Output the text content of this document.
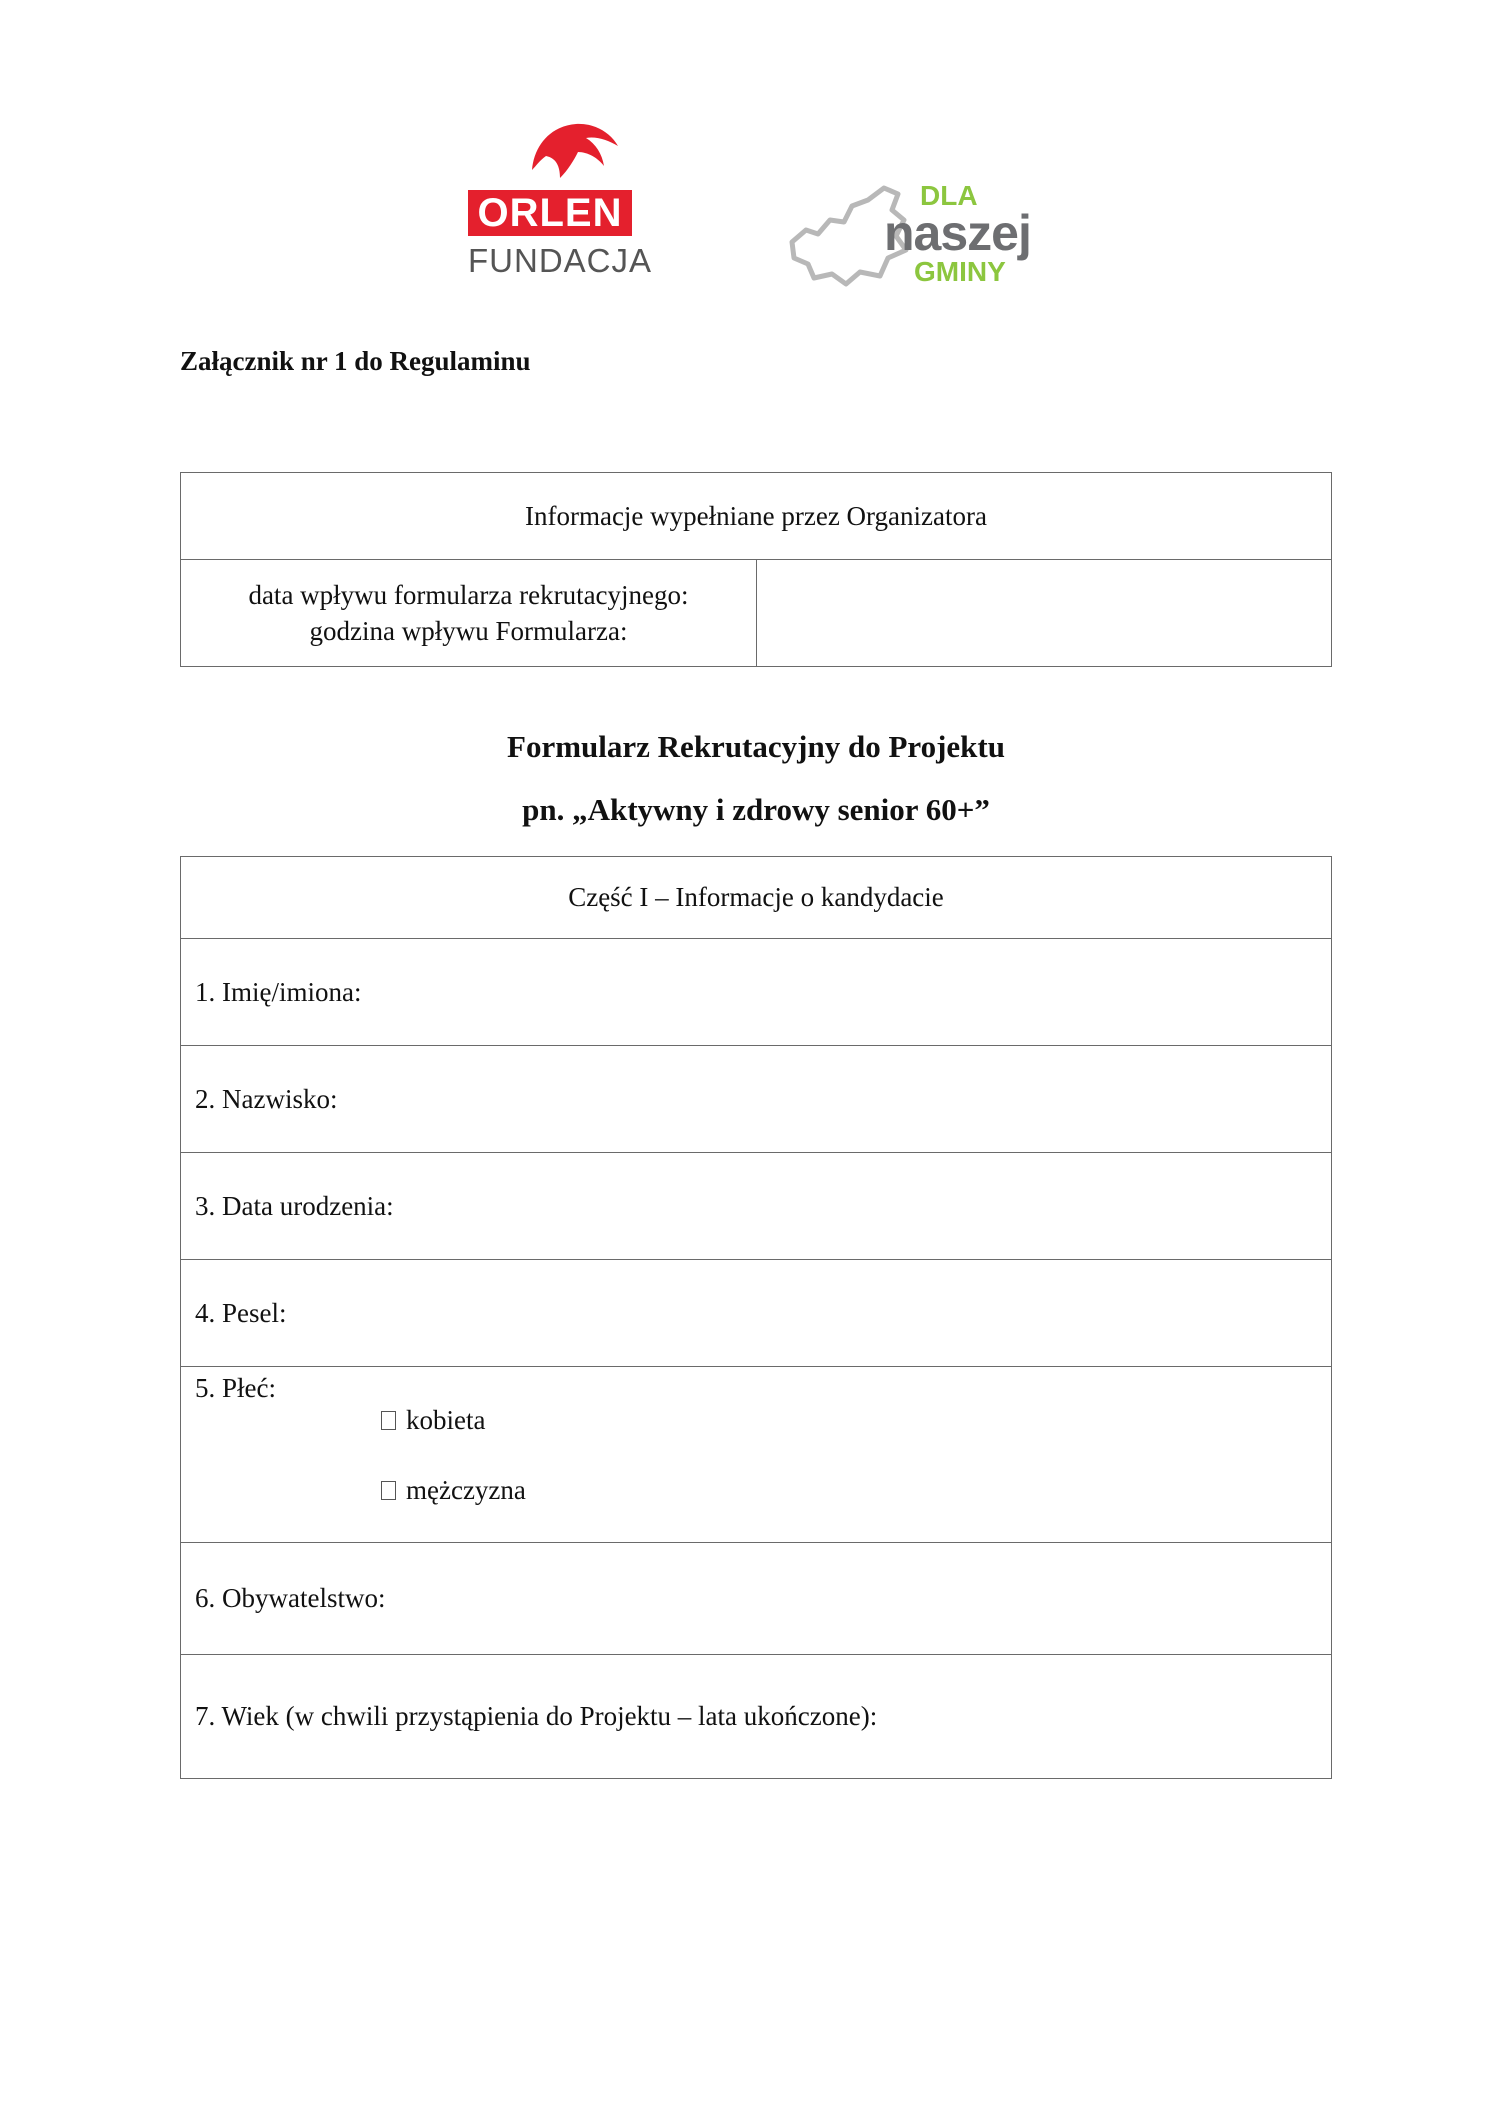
ORLEN
FUNDACJA
DLA
naszej
GMINY
Załącznik nr 1 do Regulaminu
Informacje wypełniane przez Organizatora

data wpływu formularza rekrutacyjnego:
godzina wpływu Formularza:

Formularz Rekrutacyjny do Projektu
pn. „Aktywny i zdrowy senior 60+”
Część I – Informacje o kandydacie
1. Imię/imiona:
2. Nazwisko:
3. Data urodzenia:
4. Pesel:

5. Płeć:
kobieta
mężczyzna

6. Obywatelstwo:
7. Wiek (w chwili przystąpienia do Projektu – lata ukończone):
